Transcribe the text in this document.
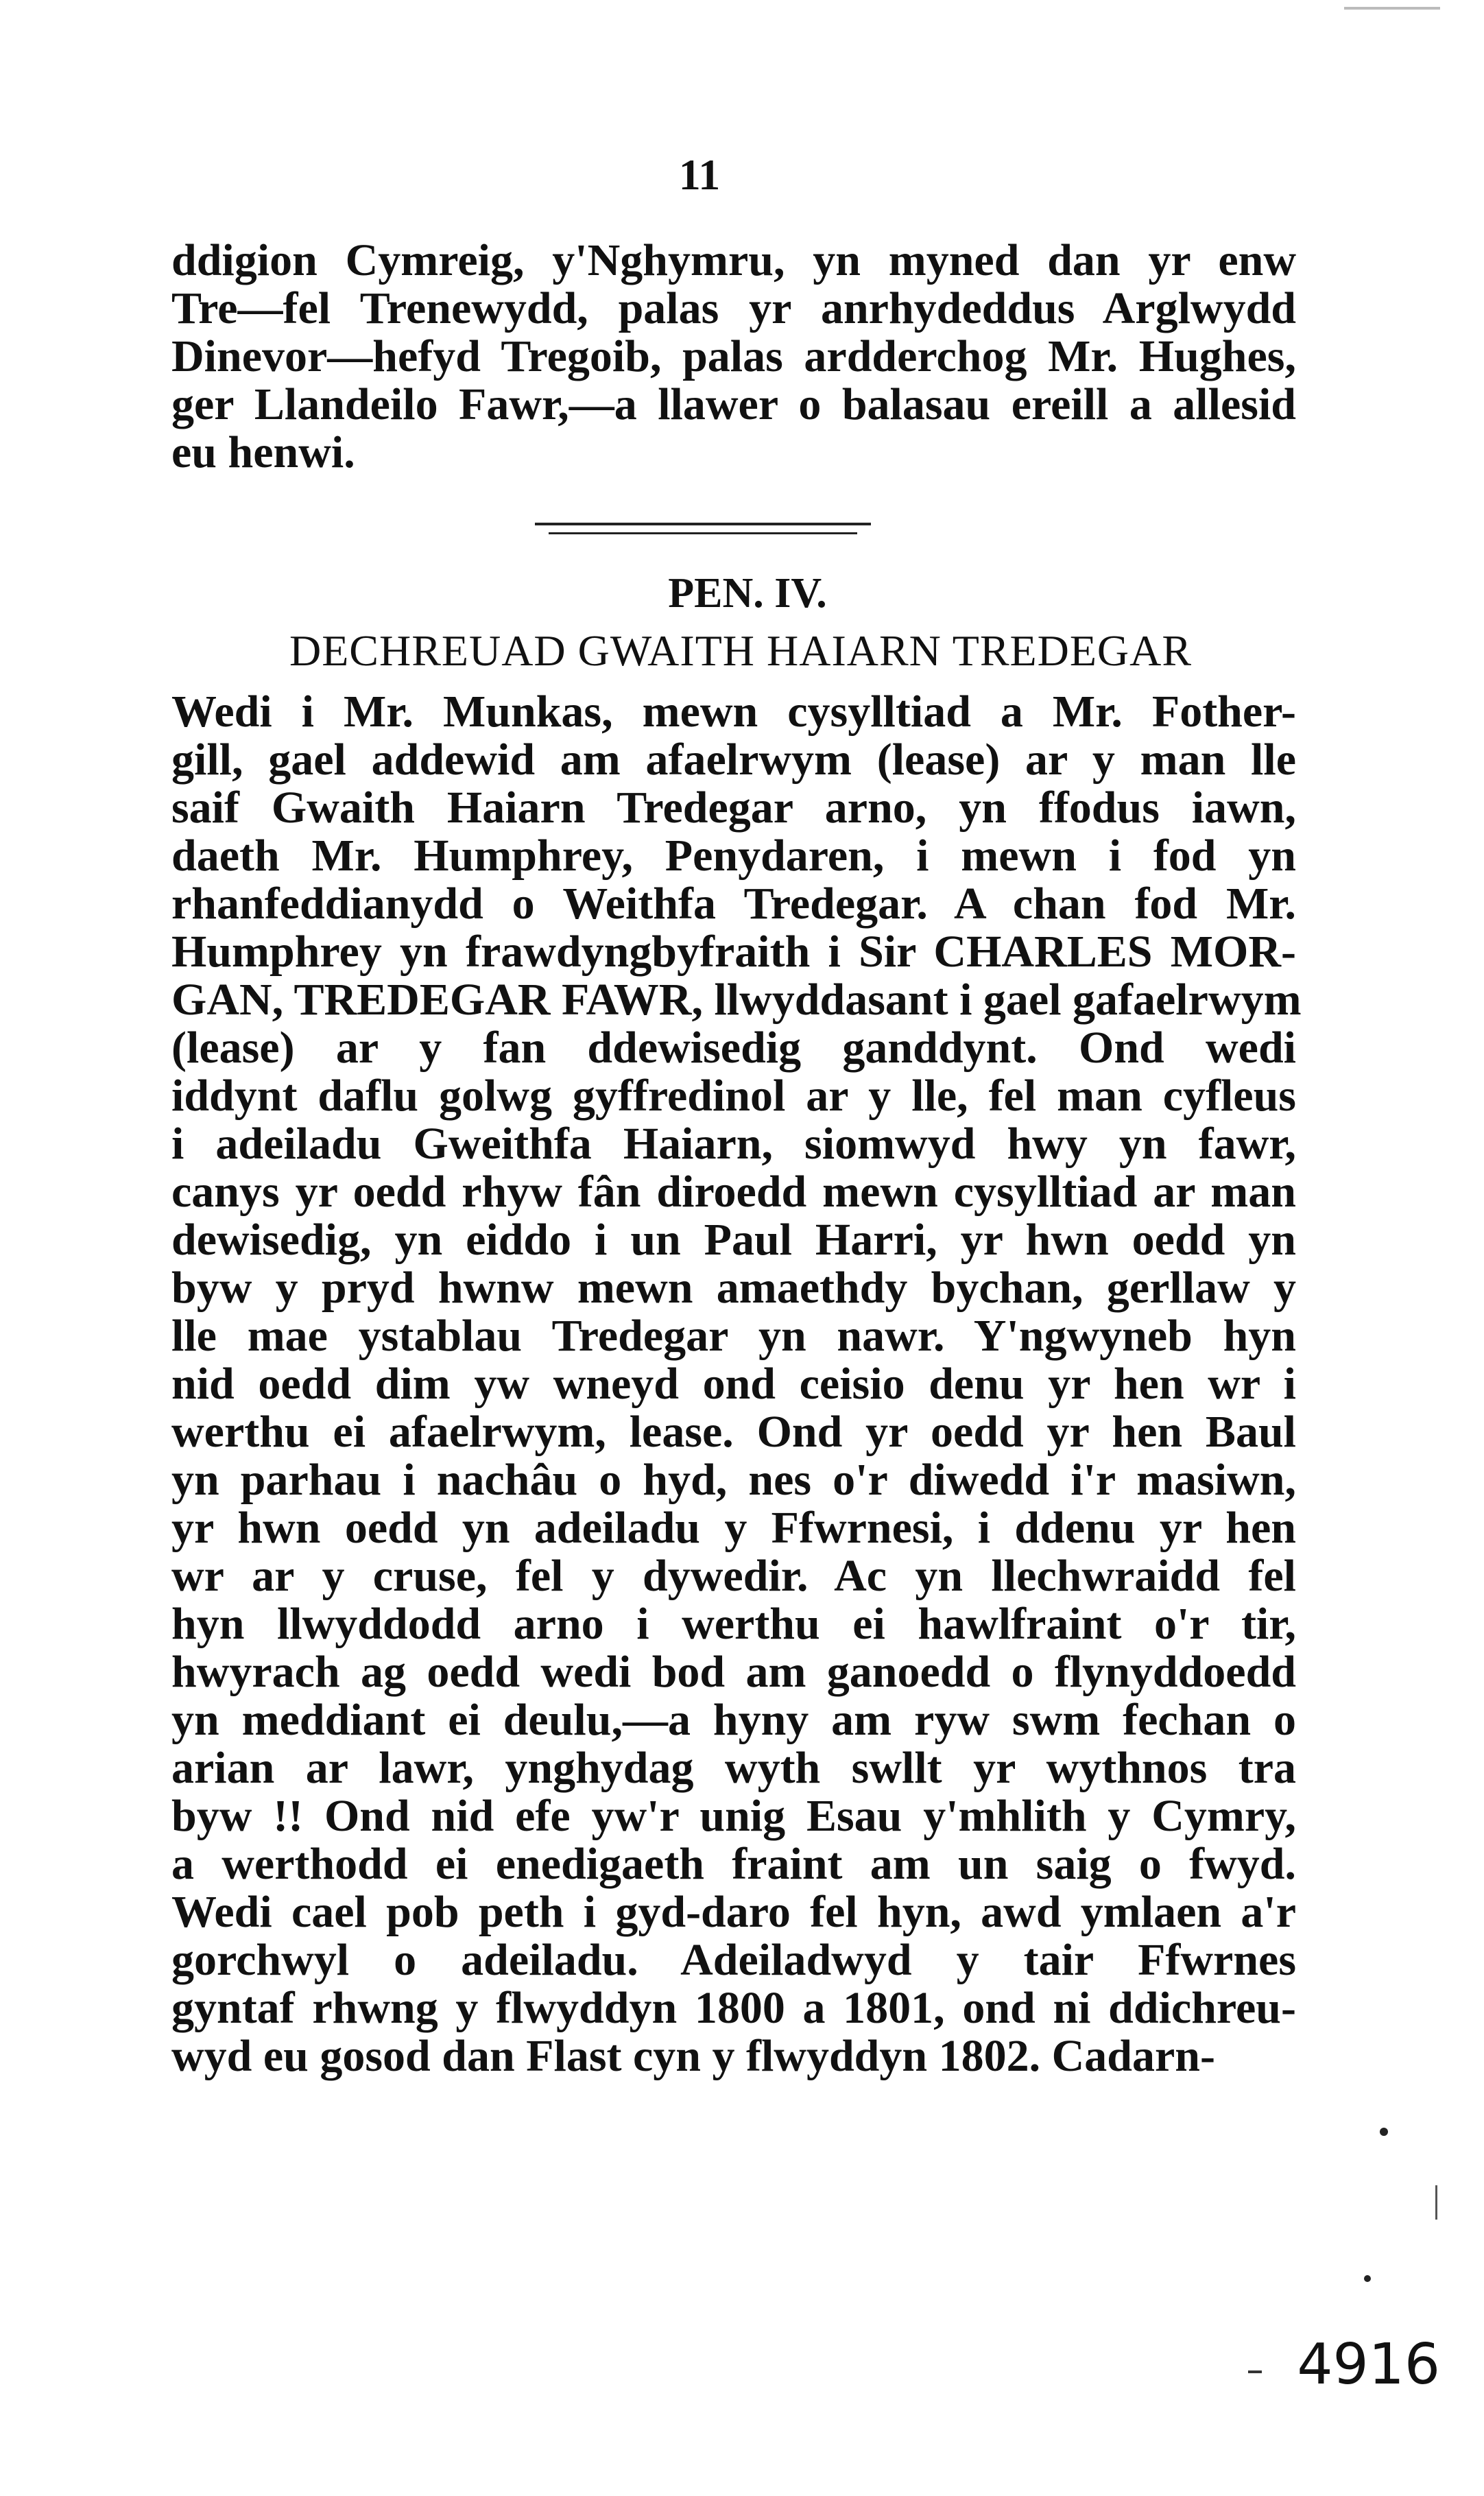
11
ddigion Cymreig, y'Nghymru, yn myned dan yr enw
Tre—fel Trenewydd, palas yr anrhydeddus Arglwydd
Dinevor—hefyd Tregoib, palas ardderchog Mr. Hughes,
ger Llandeilo Fawr,—a llawer o balasau ereill a allesid
eu henwi.
PEN. IV.
DECHREUAD GWAITH HAIARN TREDEGAR
Wedi i Mr. Munkas, mewn cysylltiad a Mr. Fother-
gill, gael addewid am afaelrwym (lease) ar y man lle
saif Gwaith Haiarn Tredegar arno, yn ffodus iawn,
daeth Mr. Humphrey, Penydaren, i mewn i fod yn
rhanfeddianydd o Weithfa Tredegar. A chan fod Mr.
Humphrey yn frawdyngbyfraith i Sir CHARLES MOR-
GAN, TREDEGAR FAWR, llwyddasant i gael gafaelrwym
(lease) ar y fan ddewisedig ganddynt. Ond wedi
iddynt daflu golwg gyffredinol ar y lle, fel man cyfleus
i adeiladu Gweithfa Haiarn, siomwyd hwy yn fawr,
canys yr oedd rhyw fân diroedd mewn cysylltiad ar man
dewisedig, yn eiddo i un Paul Harri, yr hwn oedd yn
byw y pryd hwnw mewn amaethdy bychan, gerllaw y
lle mae ystablau Tredegar yn nawr. Y'ngwyneb hyn
nid oedd dim yw wneyd ond ceisio denu yr hen wr i
werthu ei afaelrwym, lease. Ond yr oedd yr hen Baul
yn parhau i nachâu o hyd, nes o'r diwedd i'r masiwn,
yr hwn oedd yn adeiladu y Ffwrnesi, i ddenu yr hen
wr ar y cruse, fel y dywedir. Ac yn llechwraidd fel
hyn llwyddodd arno i werthu ei hawlfraint o'r tir,
hwyrach ag oedd wedi bod am ganoedd o flynyddoedd
yn meddiant ei deulu,—a hyny am ryw swm fechan o
arian ar lawr, ynghydag wyth swllt yr wythnos tra
byw !! Ond nid efe yw'r unig Esau y'mhlith y Cymry,
a werthodd ei enedigaeth fraint am un saig o fwyd.
Wedi cael pob peth i gyd-daro fel hyn, awd ymlaen a'r
gorchwyl o adeiladu. Adeiladwyd y tair Ffwrnes
gyntaf rhwng y flwyddyn 1800 a 1801, ond ni ddichreu-
wyd eu gosod dan Flast cyn y flwyddyn 1802. Cadarn-
4916
